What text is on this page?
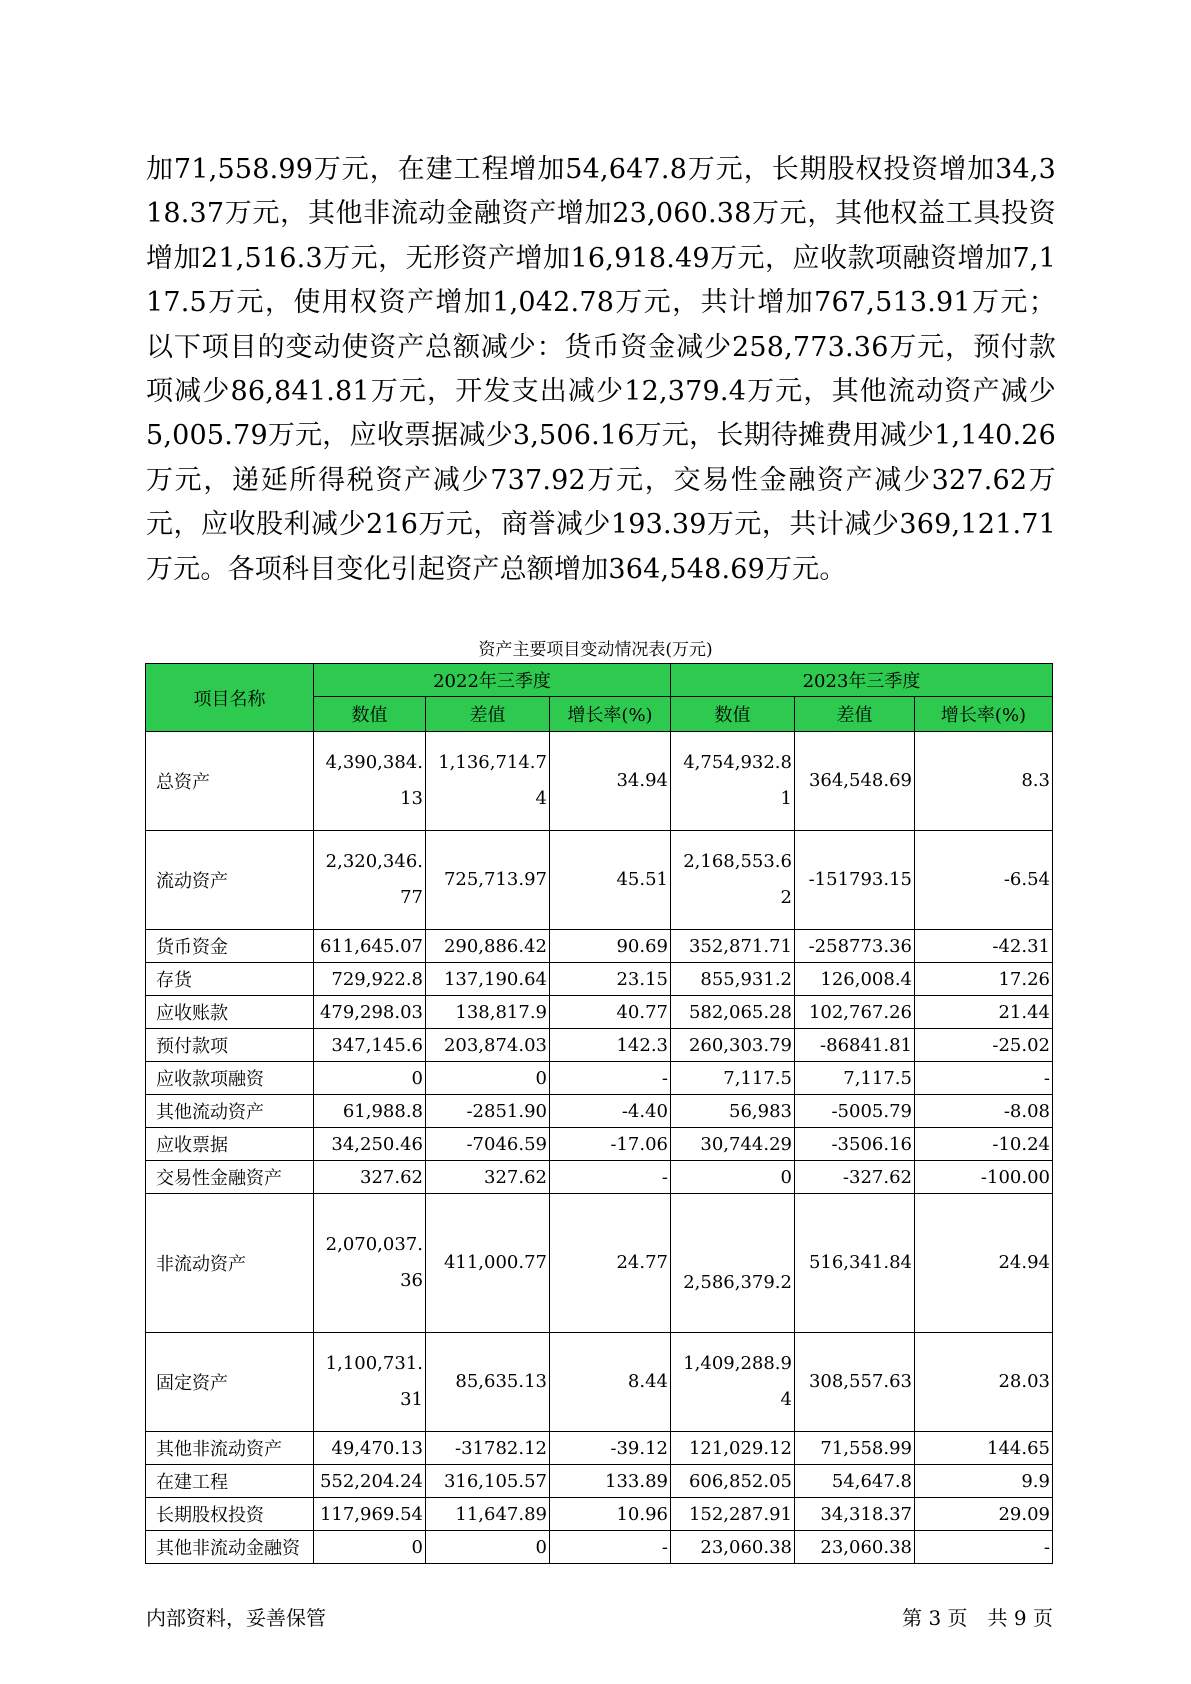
加71,558.99万元，在建工程增加54,647.8万元，长期股权投资增加34,318.37万元，其他非流动金融资产增加23,060.38万元，其他权益工具投资增加21,516.3万元，无形资产增加16,918.49万元，应收款项融资增加7,117.5万元，使用权资产增加1,042.78万元，共计增加767,513.91万元；以下项目的变动使资产总额减少：货币资金减少258,773.36万元，预付款项减少86,841.81万元，开发支出减少12,379.4万元，其他流动资产减少5,005.79万元，应收票据减少3,506.16万元，长期待摊费用减少1,140.26万元，递延所得税资产减少737.92万元，交易性金融资产减少327.62万元，应收股利减少216万元，商誉减少193.39万元，共计减少369,121.71万元。各项科目变化引起资产总额增加364,548.69万元。

资产主要项目变动情况表(万元)
项目名称	2022年三季度			2023年三季度		
	数值	差值	增长率(%)	数值	差值	增长率(%)
总资产	4,390,384.13	1,136,714.74	34.94	4,754,932.81	364,548.69	8.3
流动资产	2,320,346.77	725,713.97	45.51	2,168,553.62	-151793.15	-6.54
货币资金	611,645.07	290,886.42	90.69	352,871.71	-258773.36	-42.31
存货	729,922.8	137,190.64	23.15	855,931.2	126,008.4	17.26
应收账款	479,298.03	138,817.9	40.77	582,065.28	102,767.26	21.44
预付款项	347,145.6	203,874.03	142.3	260,303.79	-86841.81	-25.02
应收款项融资	0	0	-	7,117.5	7,117.5	-
其他流动资产	61,988.8	-2851.90	-4.40	56,983	-5005.79	-8.08
应收票据	34,250.46	-7046.59	-17.06	30,744.29	-3506.16	-10.24
交易性金融资产	327.62	327.62	-	0	-327.62	-100.00
非流动资产	2,070,037.36	411,000.77	24.77	2,586,379.2	516,341.84	24.94
固定资产	1,100,731.31	85,635.13	8.44	1,409,288.94	308,557.63	28.03
其他非流动资产	49,470.13	-31782.12	-39.12	121,029.12	71,558.99	144.65
在建工程	552,204.24	316,105.57	133.89	606,852.05	54,647.8	9.9
长期股权投资	117,969.54	11,647.89	10.96	152,287.91	34,318.37	29.09
其他非流动金融资	0	0	-	23,060.38	23,060.38	-
内部资料，妥善保管	第 3 页　共 9 页
